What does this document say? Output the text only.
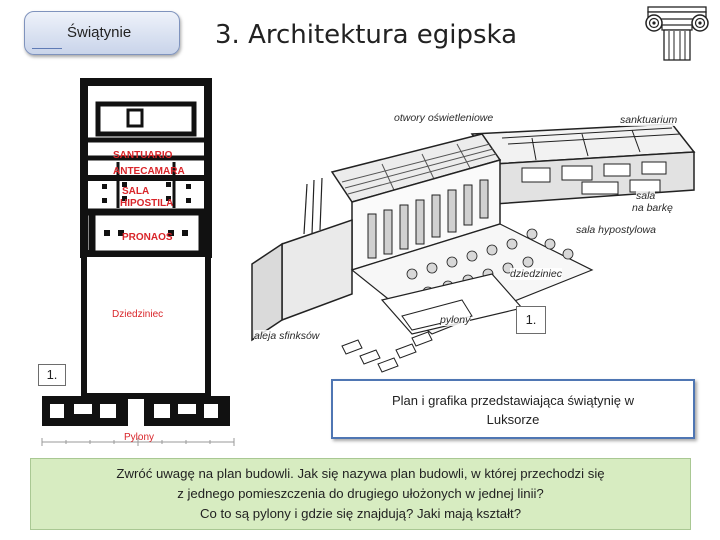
Świątynie	3. Architektura egipska
SANTUARIO
ANTECAMARA
SALA
HIPOSTILA
PRONAOS
Dziedziniec
Pylony
1.
otwory oświetleniowe	sanktuarium
sala
na barkę
sala hypostylowa
dziedziniec
pylony
aleja sfinksów
1.
Plan i grafika przedstawiająca świątynię w
Luksorze
Zwróć uwagę na plan budowli. Jak się nazywa plan budowli, w której przechodzi się
z jednego pomieszczenia do drugiego ułożonych w jednej linii?
Co to są pylony i gdzie się znajdują? Jaki mają kształt?
